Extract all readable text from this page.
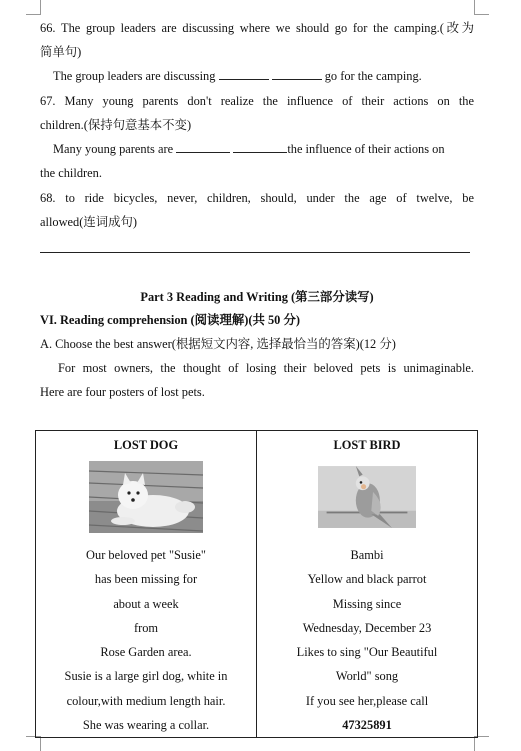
66. The group leaders are discussing where we should go for the camping.(改为
简单句)
The group leaders are discussing	go for the camping.
67. Many young parents don't realize the influence of their actions on the
children.(保持句意基本不变)
Many young parents are	the influence of their actions on
the children.
68. to ride bicycles, never, children, should, under the age of twelve, be
allowed(连词成句)
Part 3 Reading and Writing (第三部分读写)
VI. Reading comprehension (阅读理解)(共 50 分)
A. Choose the best answer(根据短文内容, 选择最恰当的答案)(12 分)
For most owners, the thought of losing their beloved pets is unimaginable.
Here are four posters of lost pets.
LOST DOG
Our beloved pet "Susie"
has been missing for
about a week
from
Rose Garden area.
Susie is a large girl dog, white in
colour,with medium length hair.
She was wearing a collar.

LOST BIRD
Bambi
Yellow and black parrot
Missing since
Wednesday, December 23
Likes to sing "Our Beautiful
World" song
If you see her,please call
47325891
